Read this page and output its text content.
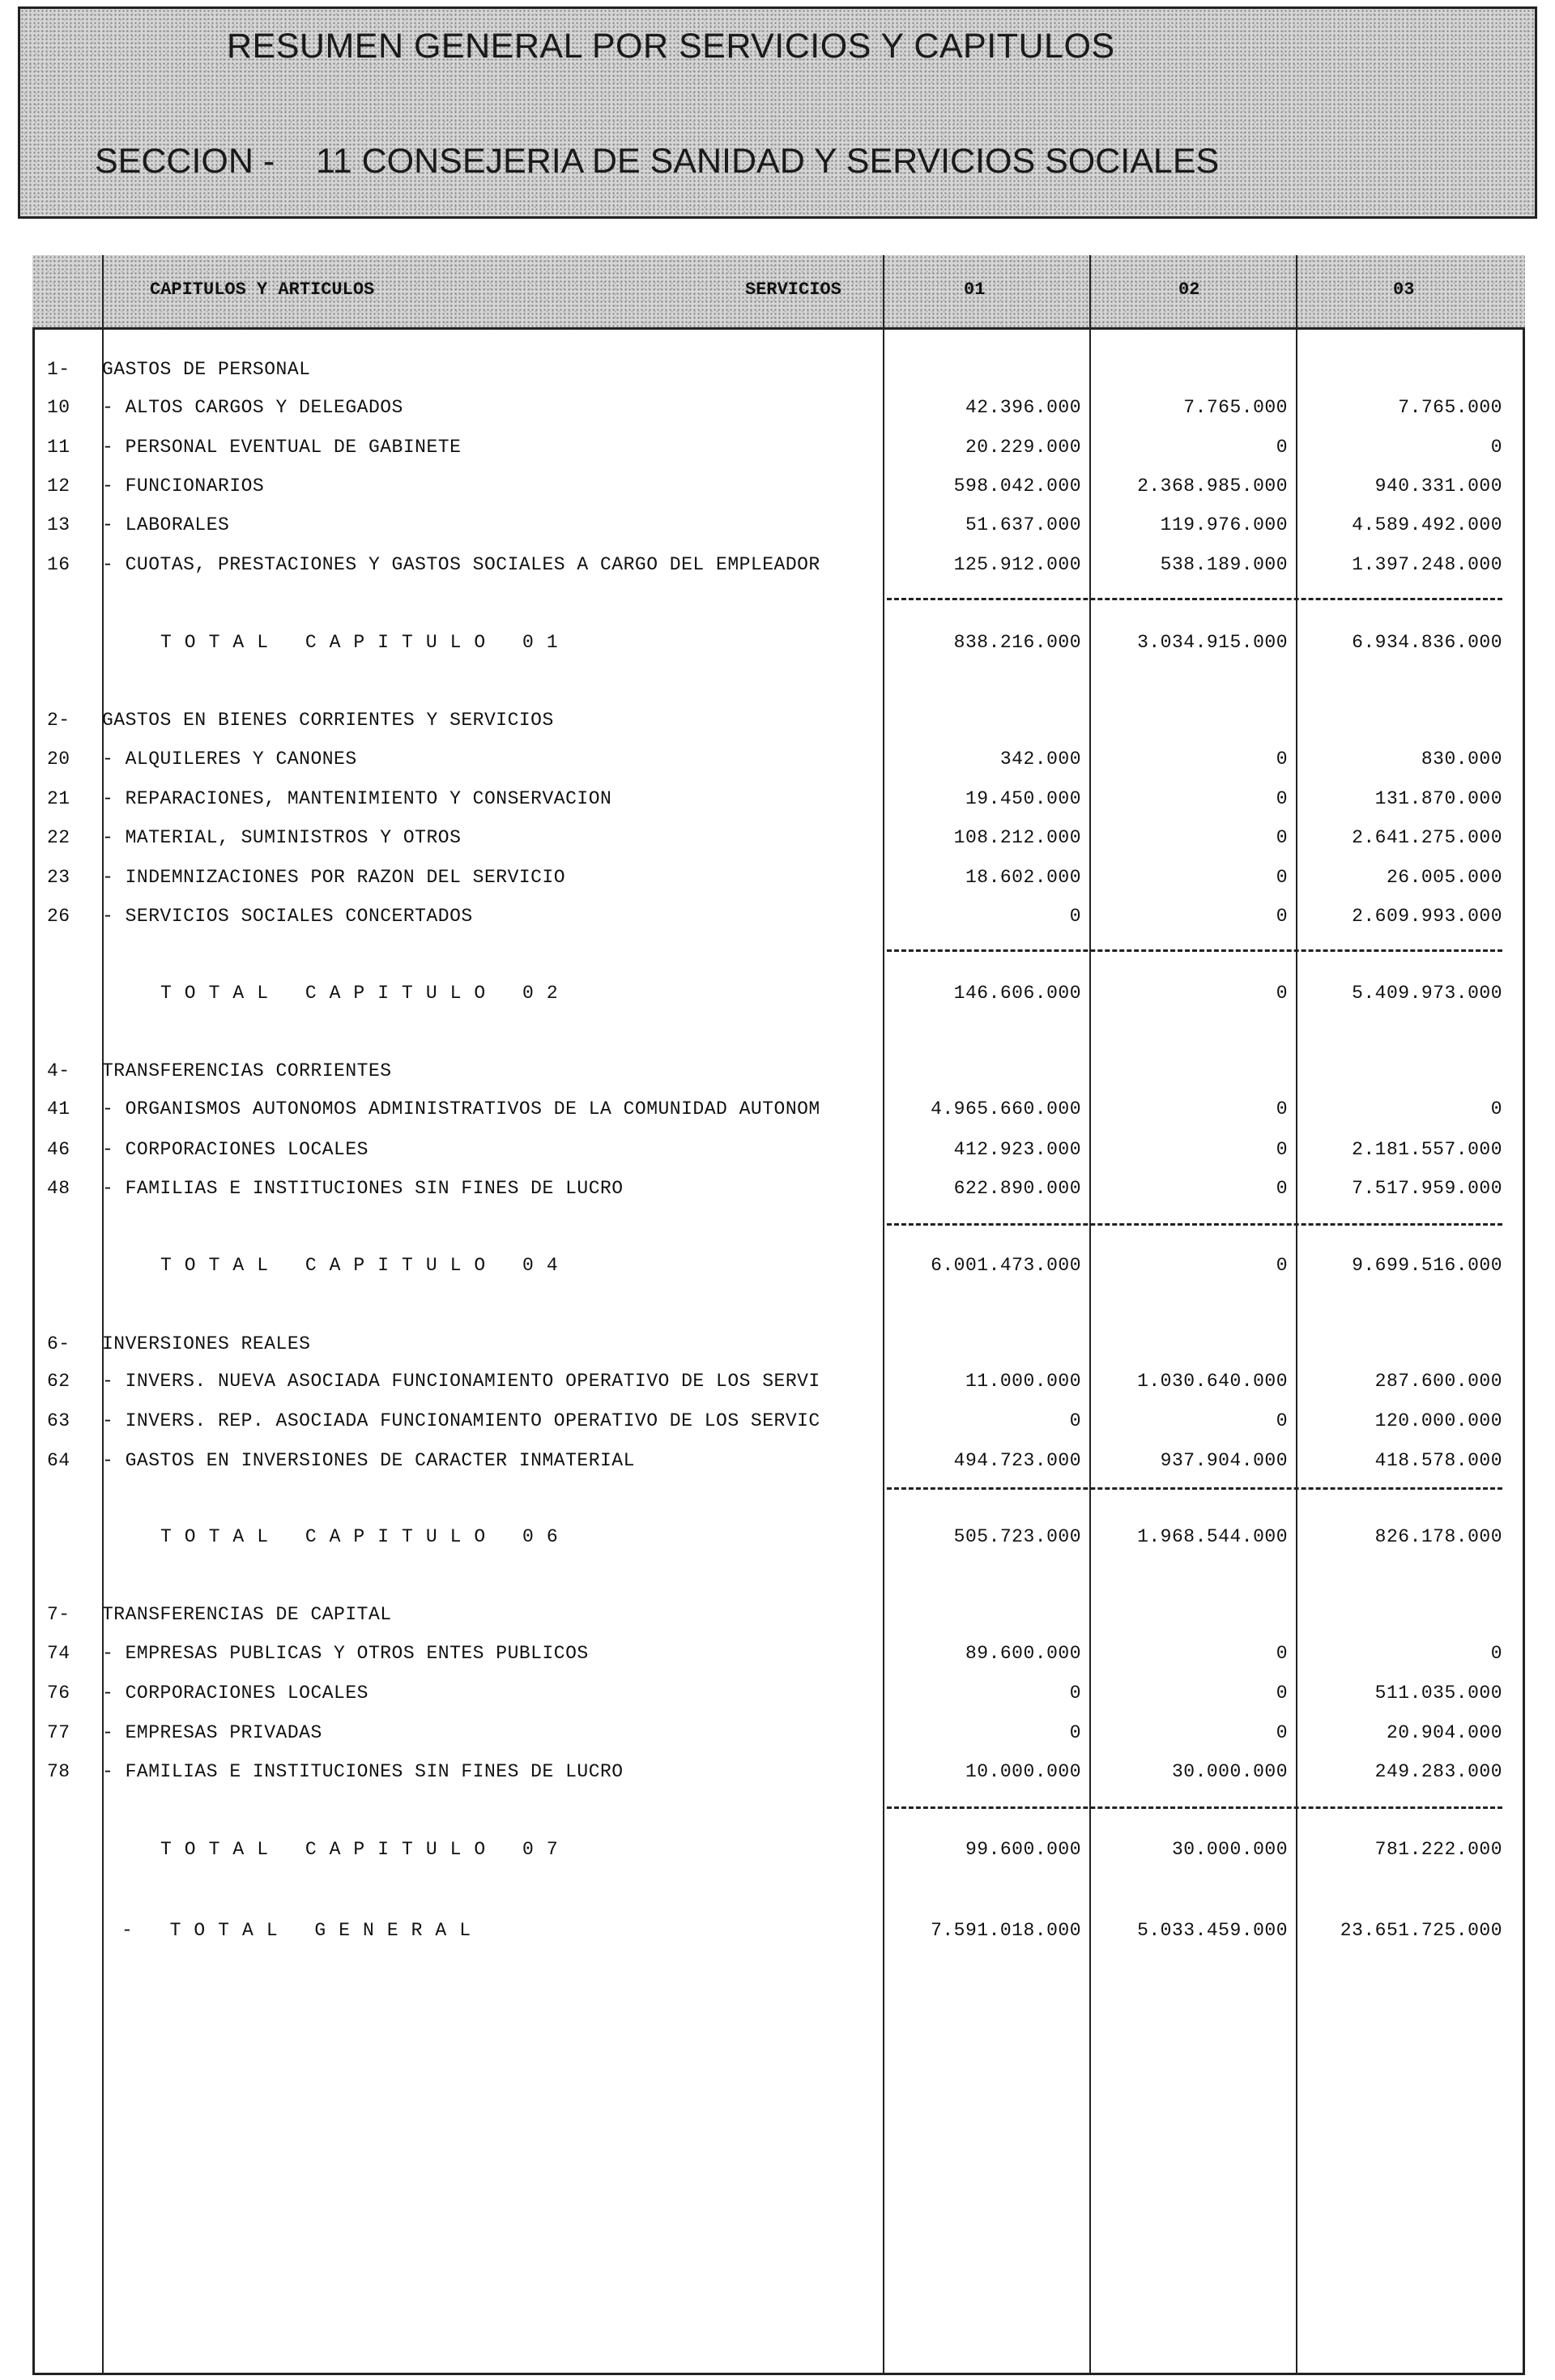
RESUMEN GENERAL POR SERVICIOS Y CAPITULOS
SECCION - 11 CONSEJERIA DE SANIDAD Y SERVICIOS SOCIALES
CAPITULOS Y ARTICULOS	SERVICIOS	01	02	03
1-	GASTOS DE PERSONAL
10	- ALTOS CARGOS Y DELEGADOS	42.396.000	7.765.000	7.765.000
11	- PERSONAL EVENTUAL DE GABINETE	20.229.000	0	0
12	- FUNCIONARIOS	598.042.000	2.368.985.000	940.331.000
13	- LABORALES	51.637.000	119.976.000	4.589.492.000
16	- CUOTAS, PRESTACIONES Y GASTOS SOCIALES A CARGO DEL EMPLEADOR	125.912.000	538.189.000	1.397.248.000
TOTAL CAPITULO 01	838.216.000	3.034.915.000	6.934.836.000
2-	GASTOS EN BIENES CORRIENTES Y SERVICIOS
20	- ALQUILERES Y CANONES	342.000	0	830.000
21	- REPARACIONES, MANTENIMIENTO Y CONSERVACION	19.450.000	0	131.870.000
22	- MATERIAL, SUMINISTROS Y OTROS	108.212.000	0	2.641.275.000
23	- INDEMNIZACIONES POR RAZON DEL SERVICIO	18.602.000	0	26.005.000
26	- SERVICIOS SOCIALES CONCERTADOS	0	0	2.609.993.000
TOTAL CAPITULO 02	146.606.000	0	5.409.973.000
4-	TRANSFERENCIAS CORRIENTES
41	- ORGANISMOS AUTONOMOS ADMINISTRATIVOS DE LA COMUNIDAD AUTONOM	4.965.660.000	0	0
46	- CORPORACIONES LOCALES	412.923.000	0	2.181.557.000
48	- FAMILIAS E INSTITUCIONES SIN FINES DE LUCRO	622.890.000	0	7.517.959.000
TOTAL CAPITULO 04	6.001.473.000	0	9.699.516.000
6-	INVERSIONES REALES
62	- INVERS. NUEVA ASOCIADA FUNCIONAMIENTO OPERATIVO DE LOS SERVI	11.000.000	1.030.640.000	287.600.000
63	- INVERS. REP. ASOCIADA FUNCIONAMIENTO OPERATIVO DE LOS SERVIC	0	0	120.000.000
64	- GASTOS EN INVERSIONES DE CARACTER INMATERIAL	494.723.000	937.904.000	418.578.000
TOTAL CAPITULO 06	505.723.000	1.968.544.000	826.178.000
7-	TRANSFERENCIAS DE CAPITAL
74	- EMPRESAS PUBLICAS Y OTROS ENTES PUBLICOS	89.600.000	0	0
76	- CORPORACIONES LOCALES	0	0	511.035.000
77	- EMPRESAS PRIVADAS	0	0	20.904.000
78	- FAMILIAS E INSTITUCIONES SIN FINES DE LUCRO	10.000.000	30.000.000	249.283.000
TOTAL CAPITULO 07	99.600.000	30.000.000	781.222.000
- TOTAL GENERAL	7.591.018.000	5.033.459.000	23.651.725.000
